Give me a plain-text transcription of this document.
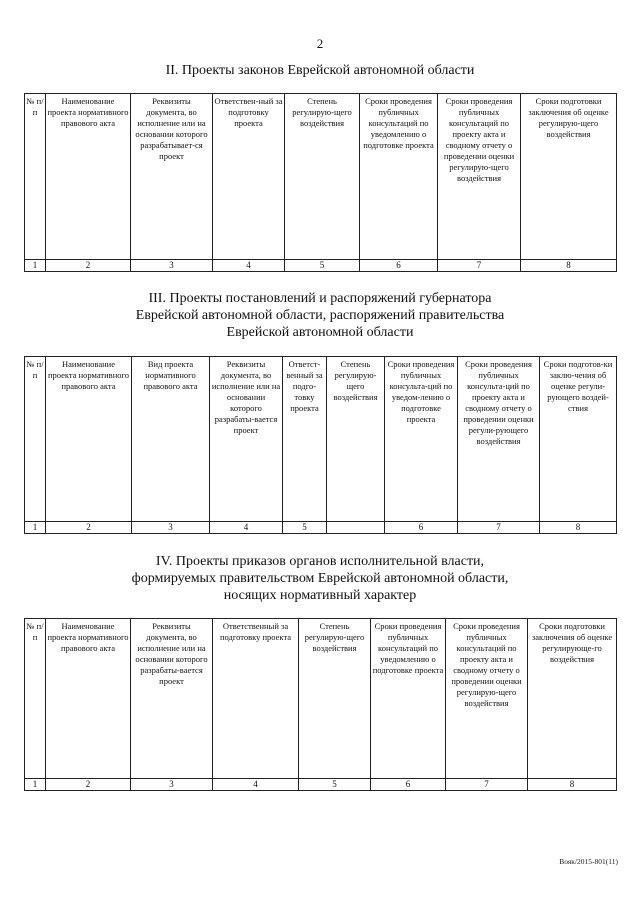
2
II. Проекты законов Еврейской автономной области
№ п/ п	Наименование проекта нормативного правового акта	Реквизиты документа, во исполнение или на основании которого разрабатывает-ся проект	Ответствен-ный за подготовку проекта	Степень регулирую-щего воздействия	Сроки проведения публичных консультаций по уведомлению о подготовке проекта	Сроки проведения публичных консультаций по проекту акта и сводному отчету о проведении оценки регулирую-щего воздействия	Сроки подготовки заключения об оценке регулирую-щего воздействия
1	2	3	4	5	6	7	8
III. Проекты постановлений и распоряжений губернатора
Еврейской автономной области, распоряжений правительства
Еврейской автономной области
№ п/ п	Наименование проекта нормативного правового акта	Вид проекта нормативного правового акта	Реквизиты документа, во исполнение или на основании которого разрабаты-вается проект	Ответст-венный за подго-товку проекта	Степень регулирую-щего воздействия	Сроки проведения публичных консульта-ций по уведом-лению о подготовке проекта	Сроки проведения публичных консульта-ций по проекту акта и сводному отчету о проведении оценки регули-рующего воздействия	Сроки подготов-ки заклю-чения об оценке регули-рующего воздей-ствия
1	2	3	4	5		6	7	8
IV. Проекты приказов органов исполнительной власти,
формируемых правительством Еврейской автономной области,
носящих нормативный характер
№ п/ п	Наименование проекта нормативного правового акта	Реквизиты документа, во исполнение или на основании которого разрабаты-вается проект	Ответственный за подготовку проекта	Степень регулирую-щего воздействия	Сроки проведения публичных консультаций по уведомлению о подготовке проекта	Сроки проведения публичных консультаций по проекту акта и сводному отчету о проведении оценки регулирую-щего воздействия	Сроки подготовки заключения об оценке регулирующе-го воздействия
1	2	3	4	5	6	7	8
Вояк/2015-801(11)
